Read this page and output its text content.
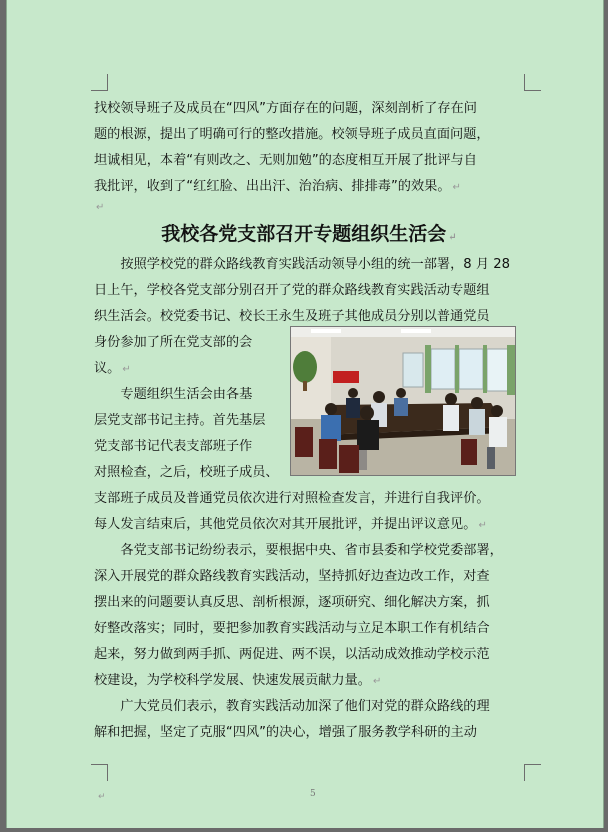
找校领导班子及成员在“四风”方面存在的问题，深刻剖析了存在问
题的根源，提出了明确可行的整改措施。校领导班子成员直面问题，
坦诚相见，本着“有则改之、无则加勉”的态度相互开展了批评与自
我批评，收到了“红红脸、出出汗、治治病、排排毒”的效果。 ↵
↵
我校各党支部召开专题组织生活会 ↵
按照学校党的群众路线教育实践活动领导小组的统一部署，8 月 28
日上午，学校各党支部分别召开了党的群众路线教育实践活动专题组
织生活会。校党委书记、校长王永生及班子其他成员分别以普通党员
身份参加了所在党支部的会
议。 ↵
专题组织生活会由各基
层党支部书记主持。首先基层
党支部书记代表支部班子作
对照检查，之后，校班子成员、
支部班子成员及普通党员依次进行对照检查发言，并进行自我评价。
每人发言结束后，其他党员依次对其开展批评，并提出评议意见。 ↵
各党支部书记纷纷表示，要根据中央、省市县委和学校党委部署，
深入开展党的群众路线教育实践活动，坚持抓好边查边改工作，对查
摆出来的问题要认真反思、剖析根源，逐项研究、细化解决方案，抓
好整改落实；同时，要把参加教育实践活动与立足本职工作有机结合
起来，努力做到两手抓、两促进、两不误，以活动成效推动学校示范
校建设，为学校科学发展、快速发展贡献力量。 ↵
广大党员们表示，教育实践活动加深了他们对党的群众路线的理
解和把握，坚定了克服“四风”的决心，增强了服务教学科研的主动
↵	5
